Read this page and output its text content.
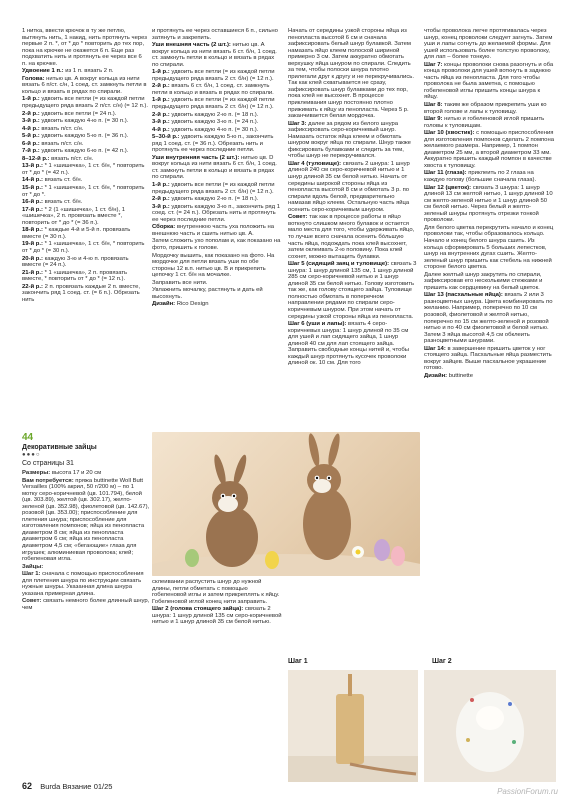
1 нитка, ввести крючок в ту же петлю, вытянуть нить, 1 накид, нить протянуть через первые 2 п. *, от * до * повторить до тех пор, пока на крючке не окажется 6 п. Еще раз подхватить нить и протянуть ее через все 6 п. на крючке.

Удвоение 1 п.: из 1 п. вязать 2 п.

Голова: нитью цв. А вокруг кольца из нити вязать 6 п/ст. с/н, 1 соед. ст. замкнуть петли в кольцо и вязать в рядах по спирали.

1-й р.: удвоить все петли (= из каждой петли предыдущего ряда вязать 2 п/ст. с/н) (= 12 п.).

2-й р.: удвоить все петли (= 24 п.).

3-й р.: удвоить каждую 4-ю п. (= 30 п.).

4-й р.: вязать п/ст. с/н.

5-й р.: удвоить каждую 5-ю п. (= 36 п.).

6-й р.: вязать п/ст. с/н.

7-й р.: удвоить каждую 6-ю п. (= 42 п.).

8–12-й р.: вязать п/ст. с/н.

13-й р.: * 1 «шишечка», 1 ст. б/н, * повторить от * до * (= 42 п.).

14-й р.: вязать ст. б/н.

15-й р.: * 1 «шишечка», 1 ст. б/н, * повторить от * до *.

16-й р.: вязать ст. б/н.

17-й р.: * 2 (1 «шишечка», 1 ст. б/н), 1 «шишечка», 2 п. провязать вместе *, повторить от * до * (= 36 п.).

18-й р.: * каждые 4-й и 5-й п. провязать вместе (= 30 п.).

19-й р.: * 1 «шишечка», 1 ст. б/н, * повторить от * до * (= 30 п.).

20-й р.: каждую 3-ю и 4-ю п. провязать вместе (= 24 п.).

21-й р.: * 1 «шишечка», 2 п. провязать вместе, * повторить от * до * (= 12 п.).

22-й р.: 2 п. провязать каждые 2 п. вместе, закончить ряд 1 соед. ст. (= 6 п.). Обрезать нить

и протянуть ее через оставшиеся 6 п., сильно затянуть и закрепить.

Уши внешняя часть (2 шт.): нитью цв. А вокруг кольца из нити вязать 6 ст. б/н, 1 соед. ст. замкнуть петли в кольцо и вязать в рядах по спирали.

1-й р.: удвоить все петли (= из каждой петли предыдущего ряда вязать 2 ст. б/н) (= 12 п.).

2-й р.: вязать 6 ст. б/н, 1 соед. ст. замкнуть петли в кольцо и вязать в рядах по спирали.

1-й р.: удвоить все петли (= из каждой петли предыдущего ряда вязать 2 ст. б/н) (= 12 п.).

2-й р.: удвоить каждую 2-ю п. (= 18 п.).

3-й р.: удвоить каждую 3-ю п. (= 24 п.).

4-й р.: удвоить каждую 4-ю п. (= 30 п.).

5–30-й р.: удвоить каждую 5-ю п., закончить ряд 1 соед. ст. (= 36 п.). Обрезать нить и протянуть ее через последние петли.

Уши внутренняя часть (2 шт.): нитью цв. D вокруг кольца из нити вязать 6 ст. б/н, 1 соед. ст. замкнуть петли в кольцо и вязать в рядах по спирали.

1-й р.: удвоить все петли (= из каждой петли предыдущего ряда вязать 2 ст. б/н) (= 12 п.).

2-й р.: удвоить каждую 2-ю п. (= 18 п.).

3-й р.: удвоить каждую 3-ю п., закончить ряд 1 соед. ст. (= 24 п.). Обрезать нить и протянуть ее через последние петли.

Сборка: внутреннюю часть уха положить на внешнюю часть и сшить нитью цв. А.

Затем сложить ухо пополам и, как показано на фото, пришить к голове.

Мордочку вышить, как показано на фото. На мордочке для петли вязать уши по обе стороны 12 в.п. нитью цв. B и прикрепить цепочку 1 ст. б/н на мочалке.

Заправить все нити.

Увлажнить мочалку, растянуть и дать ей высохнуть.

Дизайн: Rico Design

Начать от середины узкой стороны яйца из пенопласта высотой 6 см и сначала зафиксировать белый шнур булавкой. Затем намазать яйцо клеем полоской шириной примерно 3 см. Затем аккуратно обмотать верхушку яйца шнуром по спирали. Следить за тем, чтобы полоски шнура плотно прилегали друг к другу и не перекручивались. Так как клей схватывается не сразу, зафиксировать шнур булавками до тех пор, пока клей не высохнет. В процессе приклеивания шнур постоянно плотно прижимать к яйцу из пенопласта. Через 5 р. заканчивается белая мордочка.

Шаг 3: далее за рядом из белого шнура зафиксировать серо-коричневый шнур. Намазать остаток яйца клеем и обмотать шнуром вокруг яйца по спирали. Шнур также фиксировать булавками и следить за тем, чтобы шнур не перекручивался.

Шаг 4 (туловище): связать 2 шнура: 1 шнур длиной 240 см серо-коричневой нитью и 1 шнур длиной 35 см белой нитью. Начать от середины широкой стороны яйца из пенопласта высотой 8 см и обмотать 3 р. по спирали вдоль белой, предварительно намазав яйцо клеем. Остальную часть яйца осенить серо-коричневым шнуром.

Совет: так как в процессе работы в яйцо воткнуто слишком много булавок и остается мало места для того, чтобы удерживать яйцо, то лучше всего сначала осенить бóльшую часть яйца, подождать пока клей высохнет, затем оклеивать 2-ю половину. Пока клей сохнет, можно вытащить булавки.

Шаг 5 (сидящий заяц и туловище): связать 3 шнура: 1 шнур длиной 135 см, 1 шнур длиной 285 см серо-коричневой нитью и 1 шнур длиной 35 см белой нитью. Голову изготовить так же, как голову стоящего зайца. Туловище полностью обмотать в поперечном направлении рядами по спирали серо-коричневым шнуром. При этом начать от середины узкой стороны яйца из пенопласта.

Шаг 6 (уши и лапы): вязать 4 серо-коричневых шнура: 1 шнур длиной по 35 см для ушей и лап сидящего зайца, 1 шнур длиной 40 см для лап стоящего зайца. Заправить свободные концы нитей и, чтобы каждый шнур протянуть кусочек проволоки длиной ок. 10 см. Для того

чтобы проволока легче протягивалась через шнур, конец проволоки следует загнуть. Затем уши и лапы согнуть до желаемой формы. Для ушей использовать более толстую проволоку, для лап – более тонкую.

Шаг 7: концы проволоки снова разогнуть и оба конца проволоки для ушей воткнуть в заднюю часть яйца из пенопласта. Для того чтобы проволока не была заметна, с помощью гобеленовой иглы пришить концы шнура к яйцу.

Шаг 8: таким же образом прикрепить уши ко второй голове и лапы к туловищу.

Шаг 9: нитью и гобеленовой иглой пришить головы к туловищам.

Шаг 10 (хвостик): с помощью приспособления для изготовления помпонов сделать 2 помпона желаемого размера. Например, 1 помпон диаметром 25 мм, а второй диаметром 33 мм. Аккуратно пришить каждый помпон в качестве хвоста к туловищу.

Шаг 11 (глаза): приклеить по 2 глаза на каждую голову (большие сначала глаза).

Шаг 12 (цветок): связать 3 шнура: 1 шнур длиной 13 см желтой нитью, 1 шнур длиной 10 см желто-зеленой нитью и 1 шнур длиной 50 см белой нитью. Через белый и желто-зеленый шнуры протянуть отрезки тонкой проволоки.

Для белого цветка перекрутить начало и конец проволоки так, чтобы образовалось кольцо. Начало и конец белого шнура сшить. Из кольца сформировать 5 больших лепестков, шнур на внутренних дугах сшить. Желто-зеленый шнур пришить как стебель на нижней стороне белого цветка.

Далее желтый шнур закрутить по спирали, зафиксировав его несколькими стежками и пришить как сердцевину на белый цветок.

Шаг 13 (пасхальные яйца): вязать 2 или 3 разноцветных шнура. Цвета комбинировать по желанию. Например, поперечно по 10 см розовой, фиолетовой и желтой нитью, поперечно по 15 см желто-зеленой и розовой нитью и по 40 см фиолетовой и белой нитью. Затем 3 яйца высотой 4,5 см обклеить разноцветными шнурами.

Шаг 14: в завершение пришить цветок у ног стоящего зайца. Пасхальные яйца разместить вокруг зайцев. Выше пасхальное украшение готово.

Дизайн: buttinette

44
Декоративные зайцы
●●●○
Со страницы 31

Размеры: высота 17 и 20 см

Вам потребуется: пряжа buttinette Woll Butt Versailles (100% акрил, 50 г/200 м) – по 1 мотку серо-коричневой (цв. 101.794), белой (цв. 303.89), желтой (цв. 302.17), желто-зеленой (цв. 352.98), фиолетовой (цв. 142.67), розовой (цв. 353.00); приспособление для плетения шнура; приспособление для изготовления помпонов; яйца из пенопласта диаметром 8 см; яйца из пенопласта диаметром 6 см; яйца из пенопласта диаметром 4,5 см; «бегающие» глаза для игрушек; алюминиевая проволока; клей; гобеленовая игла.

Зайцы:

Шаг 1: сначала с помощью приспособления для плетения шнура по инструкции связать нужные шнуры. Указанная длина шнура указана примерная длина.

Совет: связать немного более длинный шнур, чем

склеивании распустить шнур до нужной длины, петли обметать с помощью гобеленовой иглы и затем прикреплять к яйцу. Гобеленовой иглой конец нити заправить.

Шаг 2 (голова стоящего зайца): связать 2 шнура: 1 шнур длиной 135 см серо-коричневой нитью и 1 шнур длиной 35 см белой нитью.

Шаг 1	Шаг 2
62 Burda Вязание 01/25
PassionForum.ru
